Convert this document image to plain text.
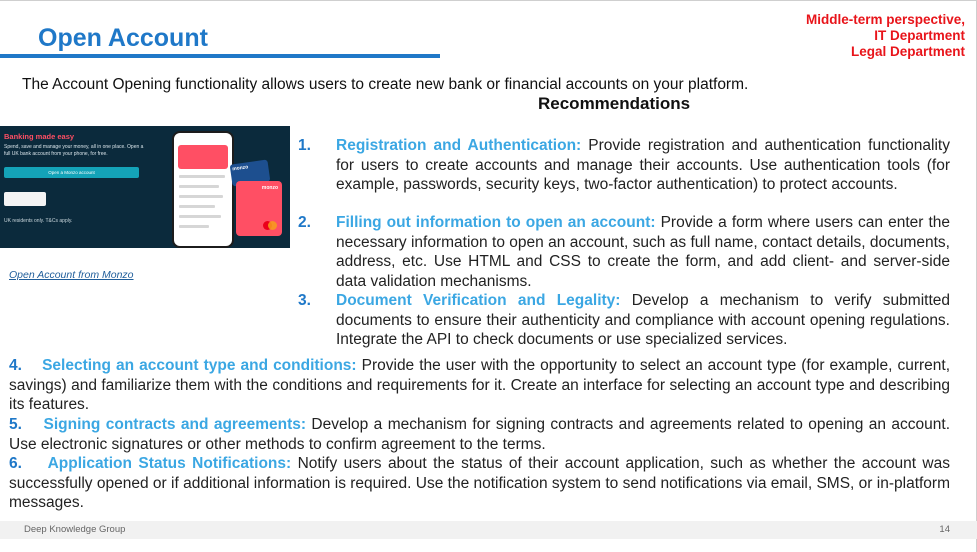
Open Account
Middle-term perspective,
IT Department
Legal Department
The Account Opening functionality allows users to create new bank or financial accounts on your platform.
Recommendations
Banking made easy
Spend, save and manage your money, all in one place. Open a full UK bank account from your phone, for free.
Open a Monzo account
UK residents only. T&Cs apply.
monzo
monzo
Open Account from Monzo
1. Registration and Authentication: Provide registration and authentication functionality for users to create accounts and manage their accounts. Use authentication tools (for example, passwords, security keys, two-factor authentication) to protect accounts.
2. Filling out information to open an account: Provide a form where users can enter the necessary information to open an account, such as full name, contact details, documents, address, etc. Use HTML and CSS to create the form, and add client- and server-side data validation mechanisms.
3. Document Verification and Legality: Develop a mechanism to verify submitted documents to ensure their authenticity and compliance with account opening regulations. Integrate the API to check documents or use specialized services.
4. Selecting an account type and conditions: Provide the user with the opportunity to select an account type (for example, current, savings) and familiarize them with the conditions and requirements for it. Create an interface for selecting an account type and describing its features.
5. Signing contracts and agreements: Develop a mechanism for signing contracts and agreements related to opening an account. Use electronic signatures or other methods to confirm agreement to the terms.
6. Application Status Notifications: Notify users about the status of their account application, such as whether the account was successfully opened or if additional information is required. Use the notification system to send notifications via email, SMS, or in-platform messages.
Deep Knowledge Group	14
